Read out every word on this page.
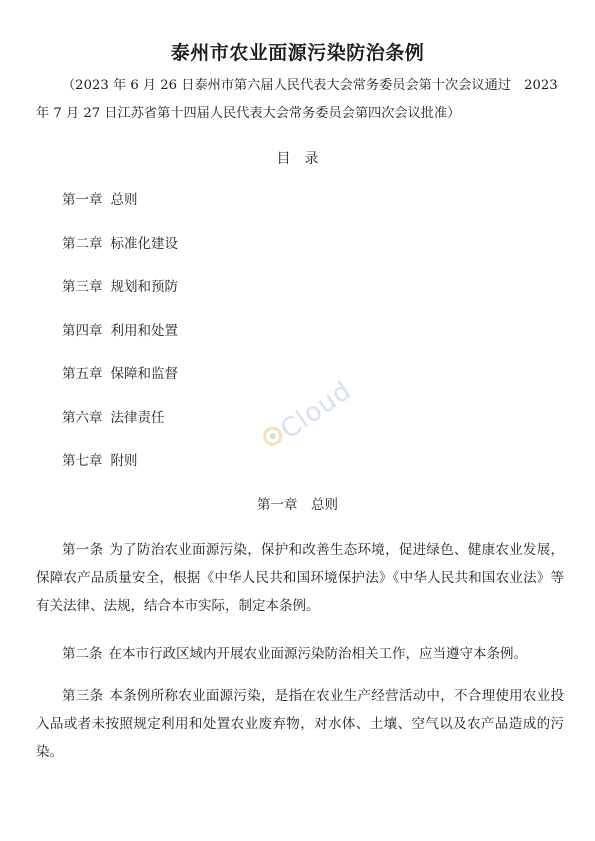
泰州市农业面源污染防治条例
（2023 年 6 月 26 日泰州市第六届人民代表大会常务委员会第十次会议通过　2023 年 7 月 27 日江苏省第十四届人民代表大会常务委员会第四次会议批准）
目　录
第一章 总则
第二章 标准化建设
第三章 规划和预防
第四章 利用和处置
第五章 保障和监督
第六章 法律责任
第七章 附则
Cloud
第一章　总则
第一条 为了防治农业面源污染，保护和改善生态环境，促进绿色、健康农业发展，保障农产品质量安全，根据《中华人民共和国环境保护法》《中华人民共和国农业法》等有关法律、法规，结合本市实际，制定本条例。
第二条 在本市行政区域内开展农业面源污染防治相关工作，应当遵守本条例。
第三条 本条例所称农业面源污染，是指在农业生产经营活动中，不合理使用农业投入品或者未按照规定利用和处置农业废弃物，对水体、土壤、空气以及农产品造成的污染。
